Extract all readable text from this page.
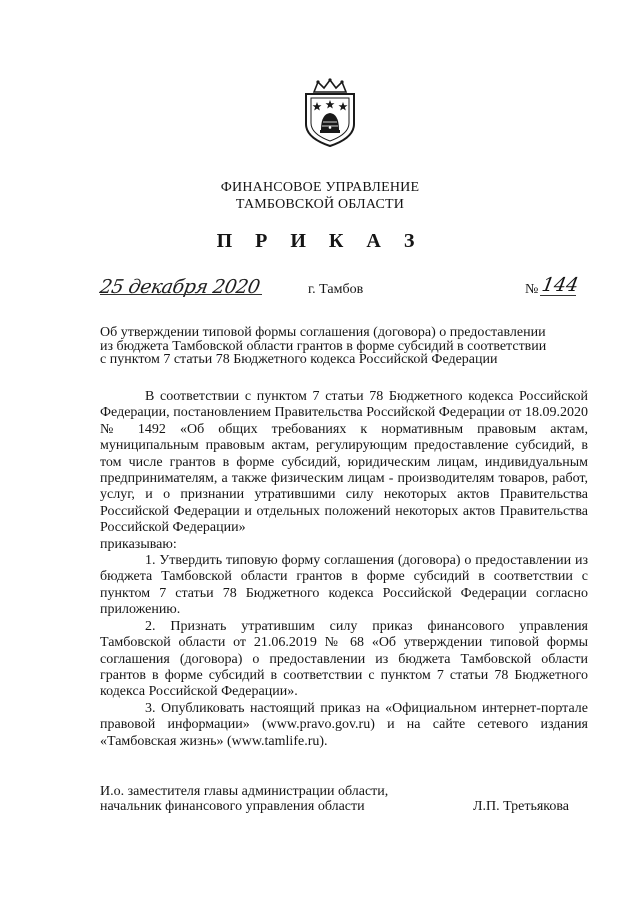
ФИНАНСОВОЕ УПРАВЛЕНИЕ
ТАМБОВСКОЙ ОБЛАСТИ
П Р И К А З
25 декабря 2020	г. Тамбов	№ 144
Об утверждении типовой формы соглашения (договора) о предоставлении
из бюджета Тамбовской области грантов в форме субсидий в соответствии
с пунктом 7 статьи 78 Бюджетного кодекса Российской Федерации

В соответствии с пунктом 7 статьи 78 Бюджетного кодекса Российской Федерации, постановлением Правительства Российской Федерации от 18.09.2020 № 1492 «Об общих требованиях к нормативным правовым актам, муниципальным правовым актам, регулирующим предоставление субсидий, в том числе грантов в форме субсидий, юридическим лицам, индивидуальным предпринимателям, а также физическим лицам - производителям товаров, работ, услуг, и о признании утратившими силу некоторых актов Правительства Российской Федерации и отдельных положений некоторых актов Правительства Российской Федерации»

приказываю:

1. Утвердить типовую форму соглашения (договора) о предоставлении из бюджета Тамбовской области грантов в форме субсидий в соответствии с пунктом 7 статьи 78 Бюджетного кодекса Российской Федерации согласно приложению.

2. Признать утратившим силу приказ финансового управления Тамбовской области от 21.06.2019 № 68 «Об утверждении типовой формы соглашения (договора) о предоставлении из бюджета Тамбовской области грантов в форме субсидий в соответствии с пунктом 7 статьи 78 Бюджетного кодекса Российской Федерации».

3. Опубликовать настоящий приказ на «Официальном интернет-портале правовой информации» (www.pravo.gov.ru) и на сайте сетевого издания «Тамбовская жизнь» (www.tamlife.ru).

И.о. заместителя главы администрации области,
начальник финансового управления области	Л.П. Третьякова
